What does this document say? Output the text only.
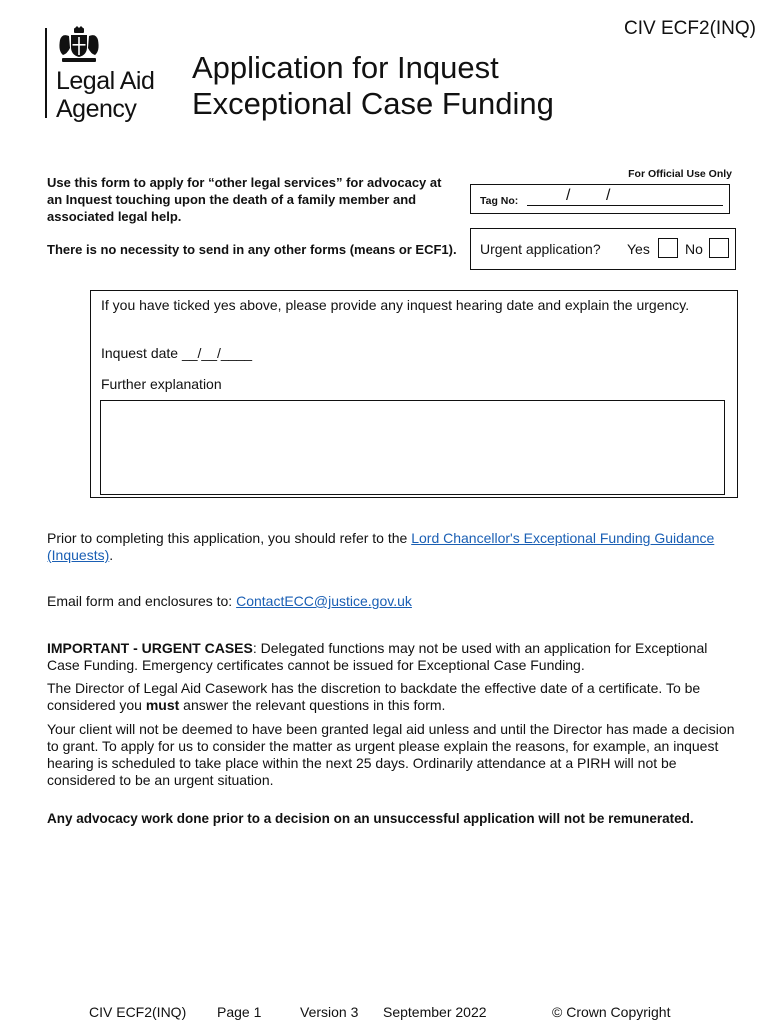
CIV ECF2(INQ)
Legal Aid
Agency
Application for Inquest
Exceptional Case Funding
Use this form to apply for “other legal services” for advocacy at an Inquest touching upon the death of a family member and associated legal help.
There is no necessity to send in any other forms (means or ECF1).
For Official Use Only
Tag No:	/ /
Urgent application? Yes	No
If you have ticked yes above, please provide any inquest hearing date and explain the urgency.
Inquest date __/__/____
Further explanation
Prior to completing this application, you should refer to the Lord Chancellor's Exceptional Funding Guidance (Inquests).
Email form and enclosures to: ContactECC@justice.gov.uk
IMPORTANT - URGENT CASES: Delegated functions may not be used with an application for Exceptional Case Funding. Emergency certificates cannot be issued for Exceptional Case Funding.
The Director of Legal Aid Casework has the discretion to backdate the effective date of a certificate. To be considered you must answer the relevant questions in this form.
Your client will not be deemed to have been granted legal aid unless and until the Director has made a decision to grant. To apply for us to consider the matter as urgent please explain the reasons, for example, an inquest hearing is scheduled to take place within the next 25 days. Ordinarily attendance at a PIRH will not be considered to be an urgent situation.
Any advocacy work done prior to a decision on an unsuccessful application will not be remunerated.
CIV ECF2(INQ) Page 1	Version 3 September 2022	© Crown Copyright
